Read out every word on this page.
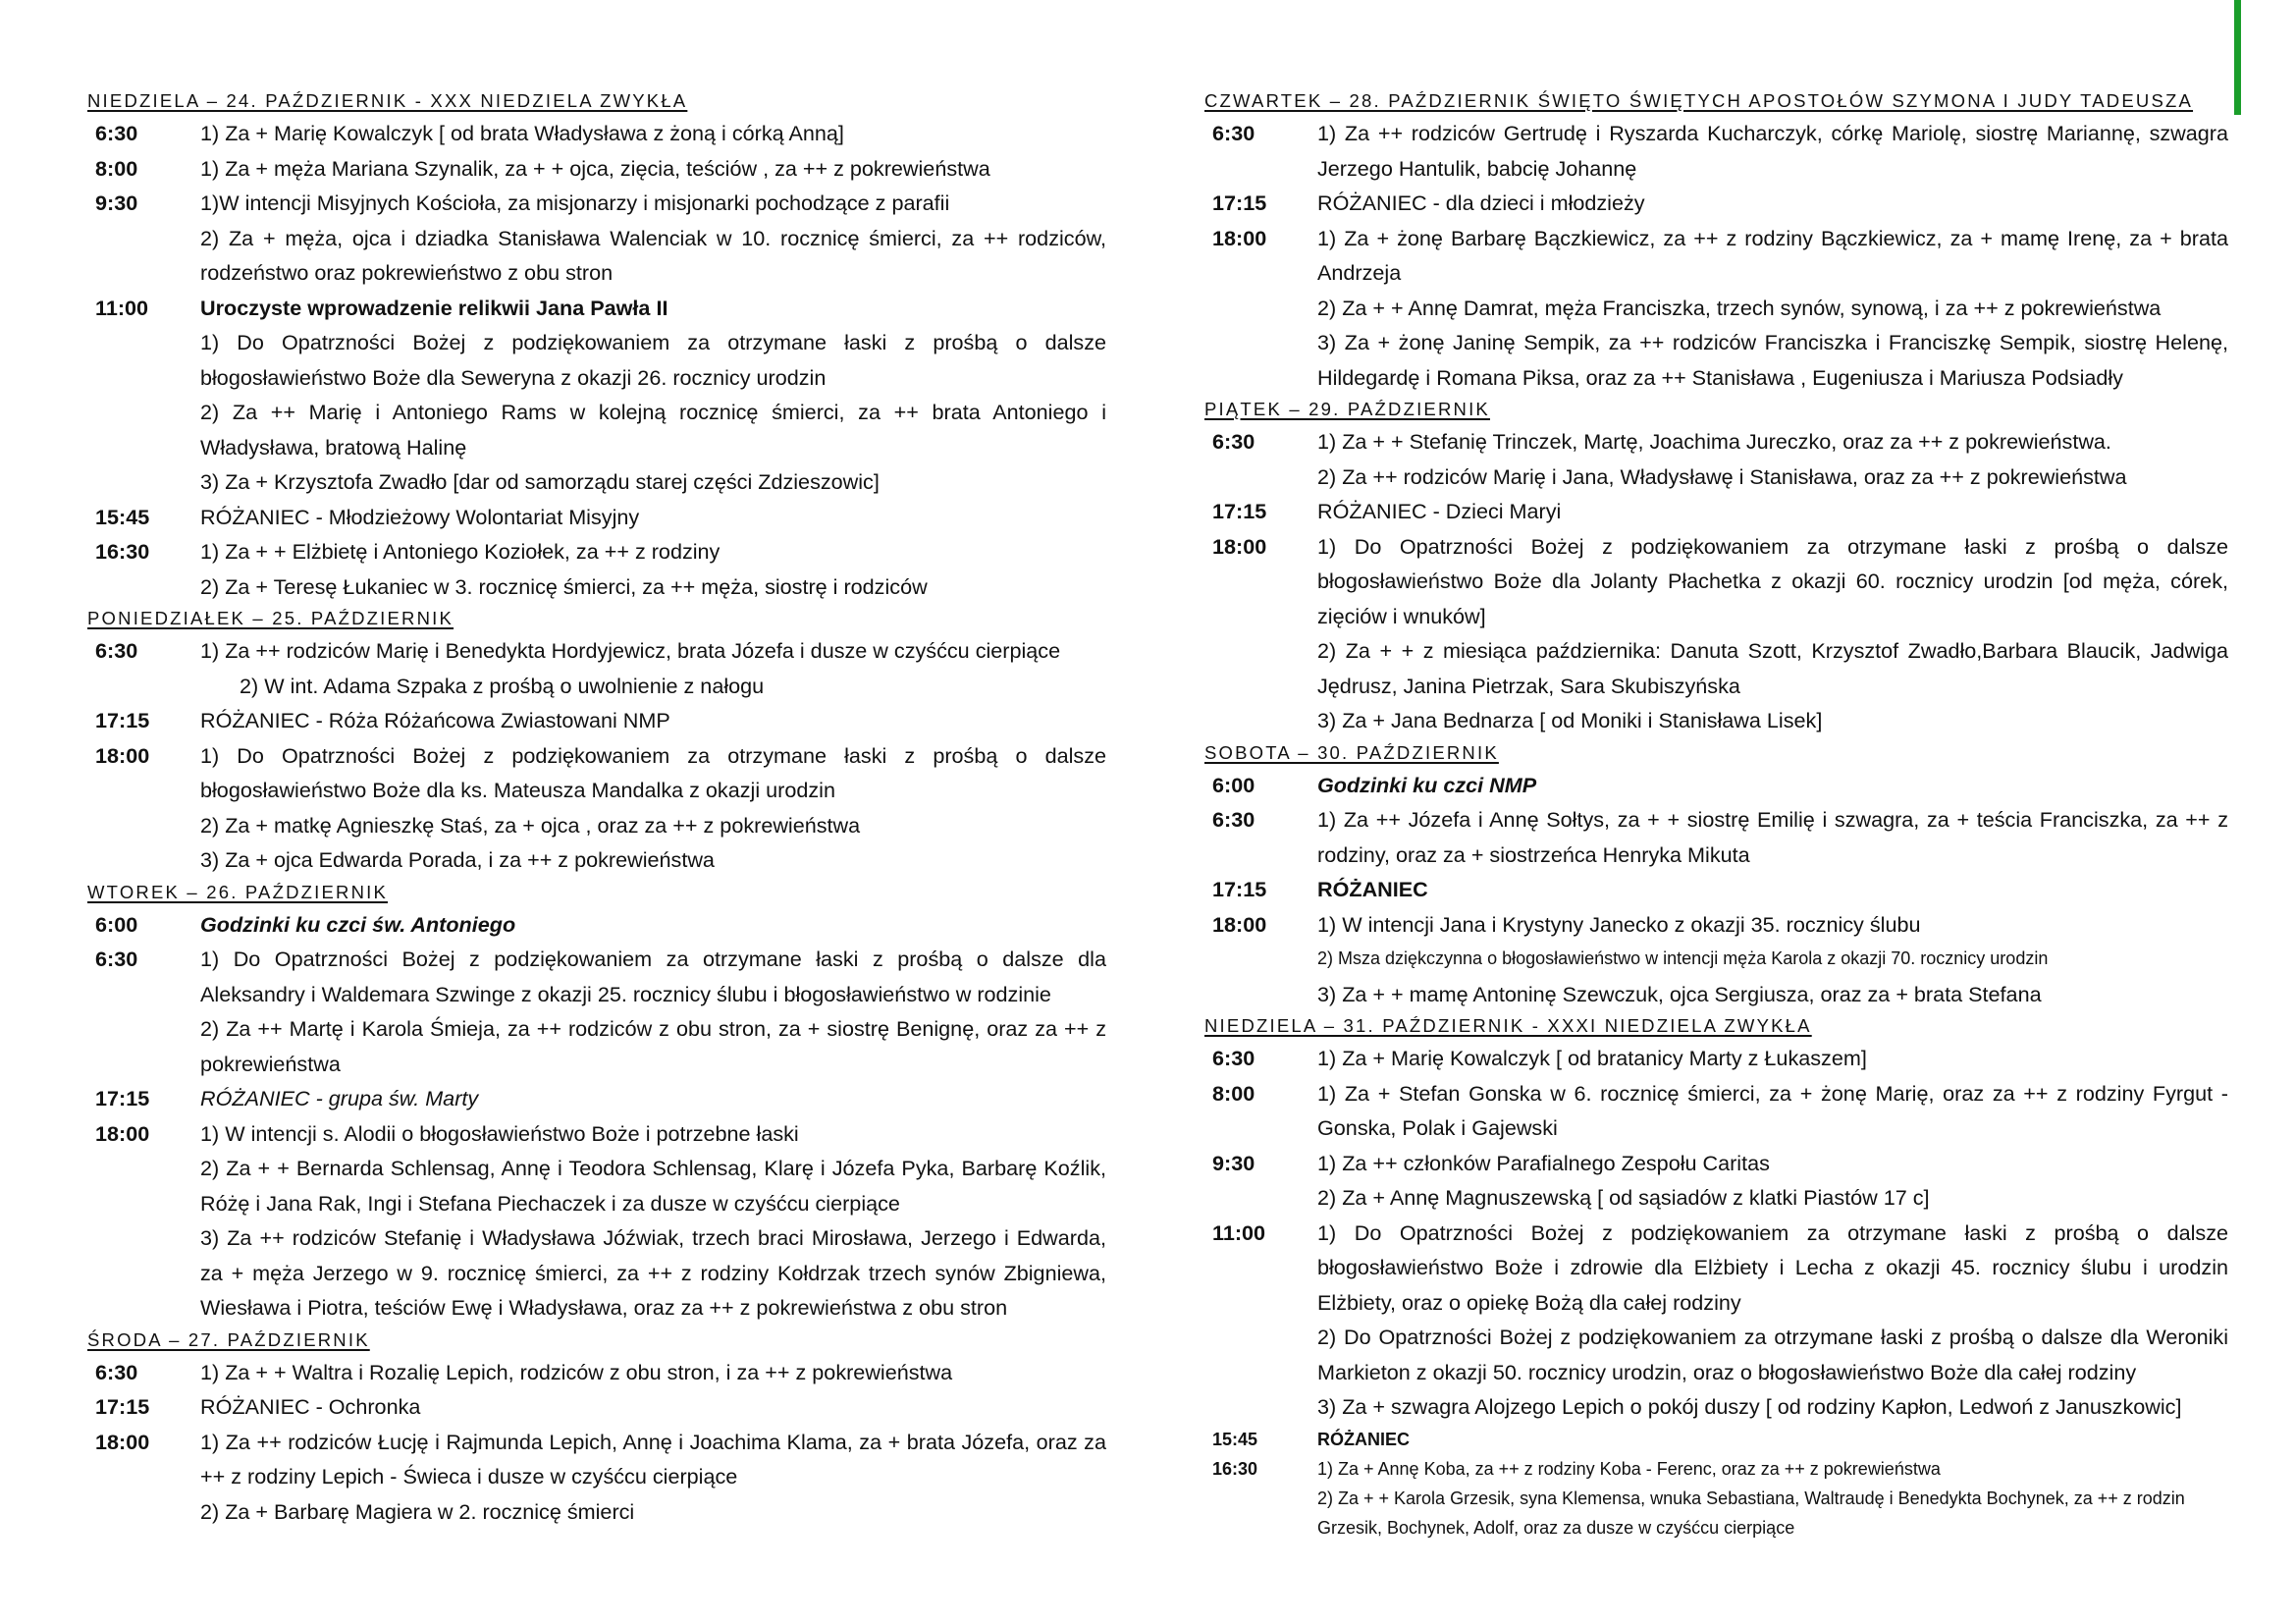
NIEDZIELA – 24. PAŹDZIERNIK - XXX NIEDZIELA ZWYKŁA
6:30	1) Za + Marię Kowalczyk [ od brata Władysława z żoną i córką Anną]
8:00	1) Za + męża Mariana Szynalik, za + + ojca, zięcia, teściów , za ++ z pokrewieństwa
9:30	1)W intencji Misyjnych Kościoła, za misjonarzy i misjonarki pochodzące z parafii
2) Za + męża, ojca i dziadka Stanisława Walenciak w 10. rocznicę śmierci, za ++ rodziców, rodzeństwo oraz pokrewieństwo z obu stron
11:00	Uroczyste wprowadzenie relikwii Jana Pawła II
1) Do Opatrzności Bożej z podziękowaniem za otrzymane łaski z prośbą o dalsze błogosławieństwo Boże dla Seweryna z okazji 26. rocznicy urodzin
2) Za ++ Marię i Antoniego Rams w kolejną rocznicę śmierci, za ++ brata Antoniego i Władysława, bratową Halinę
3) Za + Krzysztofa Zwadło [dar od samorządu starej części Zdzieszowic]
15:45	RÓŻANIEC - Młodzieżowy Wolontariat Misyjny
16:30	1) Za + + Elżbietę i Antoniego Koziołek, za ++ z rodziny
2) Za + Teresę Łukaniec w 3. rocznicę śmierci, za ++ męża, siostrę i rodziców
PONIEDZIAŁEK – 25. PAŹDZIERNIK
6:30	1) Za ++ rodziców Marię i Benedykta Hordyjewicz, brata Józefa i dusze w czyśćcu cierpiące
2) W int. Adama Szpaka z prośbą o uwolnienie z nałogu
17:15	RÓŻANIEC - Róża Różańcowa Zwiastowani NMP
18:00	1) Do Opatrzności Bożej z podziękowaniem za otrzymane łaski z prośbą o dalsze błogosławieństwo Boże dla ks. Mateusza Mandalka z okazji urodzin
2) Za + matkę Agnieszkę Staś, za + ojca , oraz za ++ z pokrewieństwa
3) Za + ojca Edwarda Porada, i za ++ z pokrewieństwa
WTOREK – 26. PAŹDZIERNIK
6:00	Godzinki ku czci św. Antoniego
6:30	1) Do Opatrzności Bożej z podziękowaniem za otrzymane łaski z prośbą o dalsze dla Aleksandry i Waldemara Szwinge z okazji 25. rocznicy ślubu i błogosławieństwo w rodzinie
2) Za ++ Martę i Karola Śmieja, za ++ rodziców z obu stron, za + siostrę Benignę, oraz za ++ z pokrewieństwa
17:15	RÓŻANIEC - grupa św. Marty
18:00	1) W intencji s. Alodii o błogosławieństwo Boże i potrzebne łaski
2) Za + + Bernarda Schlensag, Annę i Teodora Schlensag, Klarę i Józefa Pyka, Barbarę Koźlik, Różę i Jana Rak, Ingi i Stefana Piechaczek i za dusze w czyśćcu cierpiące
3) Za ++ rodziców Stefanię i Władysława Jóźwiak, trzech braci Mirosława, Jerzego i Edwarda, za + męża Jerzego w 9. rocznicę śmierci, za ++ z rodziny Kołdrzak trzech synów Zbigniewa, Wiesława i Piotra, teściów Ewę i Władysława, oraz za ++ z pokrewieństwa z obu stron
ŚRODA – 27. PAŹDZIERNIK
6:30	1) Za + + Waltra i Rozalię Lepich, rodziców z obu stron, i za ++ z pokrewieństwa
17:15	RÓŻANIEC - Ochronka
18:00	1) Za ++ rodziców Łucję i Rajmunda Lepich, Annę i Joachima Klama, za + brata Józefa, oraz za ++ z rodziny Lepich - Świeca i dusze w czyśćcu cierpiące
2) Za + Barbarę Magiera w 2. rocznicę śmierci
CZWARTEK – 28. PAŹDZIERNIK ŚWIĘTO ŚWIĘTYCH APOSTOŁÓW SZYMONA I JUDY TADEUSZA
6:30	1) Za ++ rodziców Gertrudę i Ryszarda Kucharczyk, córkę Mariolę, siostrę Mariannę, szwagra Jerzego Hantulik, babcię Johannę
17:15	RÓŻANIEC - dla dzieci i młodzieży
18:00	1) Za + żonę Barbarę Bączkiewicz, za ++ z rodziny Bączkiewicz, za + mamę Irenę, za + brata Andrzeja
2) Za + + Annę Damrat, męża Franciszka, trzech synów, synową, i za ++ z pokrewieństwa
3) Za + żonę Janinę Sempik, za ++ rodziców Franciszka i Franciszkę Sempik, siostrę Helenę, Hildegardę i Romana Piksa, oraz za ++ Stanisława , Eugeniusza i Mariusza Podsiadły
PIĄTEK – 29. PAŹDZIERNIK
6:30	1) Za + + Stefanię Trinczek, Martę, Joachima Jureczko, oraz za ++ z pokrewieństwa.
2) Za ++ rodziców Marię i Jana, Władysławę i Stanisława, oraz za ++ z pokrewieństwa
17:15	RÓŻANIEC - Dzieci Maryi
18:00	1) Do Opatrzności Bożej z podziękowaniem za otrzymane łaski z prośbą o dalsze błogosławieństwo Boże dla Jolanty Płachetka z okazji 60. rocznicy urodzin [od męża, córek, zięciów i wnuków]
2) Za + + z miesiąca października: Danuta Szott, Krzysztof Zwadło,Barbara Blaucik, Jadwiga Jędrusz, Janina Pietrzak, Sara Skubiszyńska
3) Za + Jana Bednarza [ od Moniki i Stanisława Lisek]
SOBOTA – 30. PAŹDZIERNIK
6:00	Godzinki ku czci NMP
6:30	1) Za ++ Józefa i Annę Sołtys, za + + siostrę Emilię i szwagra, za + teścia Franciszka, za ++ z rodziny, oraz za + siostrzeńca Henryka Mikuta
17:15	RÓŻANIEC
18:00	1) W intencji Jana i Krystyny Janecko z okazji 35. rocznicy ślubu
2) Msza dziękczynna o błogosławieństwo w intencji męża Karola z okazji 70. rocznicy urodzin
3) Za + + mamę Antoninę Szewczuk, ojca Sergiusza, oraz za + brata Stefana
NIEDZIELA – 31. PAŹDZIERNIK - XXXI NIEDZIELA ZWYKŁA
6:30	1) Za + Marię Kowalczyk [ od bratanicy Marty z Łukaszem]
8:00	1) Za + Stefan Gonska w 6. rocznicę śmierci, za + żonę Marię, oraz za ++ z rodziny Fyrgut - Gonska, Polak i Gajewski
9:30	1) Za ++ członków Parafialnego Zespołu Caritas
2) Za + Annę Magnuszewską [ od sąsiadów z klatki Piastów 17 c]
11:00	1) Do Opatrzności Bożej z podziękowaniem za otrzymane łaski z prośbą o dalsze błogosławieństwo Boże i zdrowie dla Elżbiety i Lecha z okazji 45. rocznicy ślubu i urodzin Elżbiety, oraz o opiekę Bożą dla całej rodziny
2) Do Opatrzności Bożej z podziękowaniem za otrzymane łaski z prośbą o dalsze dla Weroniki Markieton z okazji 50. rocznicy urodzin, oraz o błogosławieństwo Boże dla całej rodziny
3) Za + szwagra Alojzego Lepich o pokój duszy [ od rodziny Kapłon, Ledwoń z Januszkowic]
15:45	RÓŻANIEC
16:30	1) Za + Annę Koba, za ++ z rodziny Koba - Ferenc, oraz za ++ z pokrewieństwa
2) Za + + Karola Grzesik, syna Klemensa, wnuka Sebastiana, Waltraudę i Benedykta Bochynek, za ++ z rodzin Grzesik, Bochynek, Adolf, oraz za dusze w czyśćcu cierpiące
